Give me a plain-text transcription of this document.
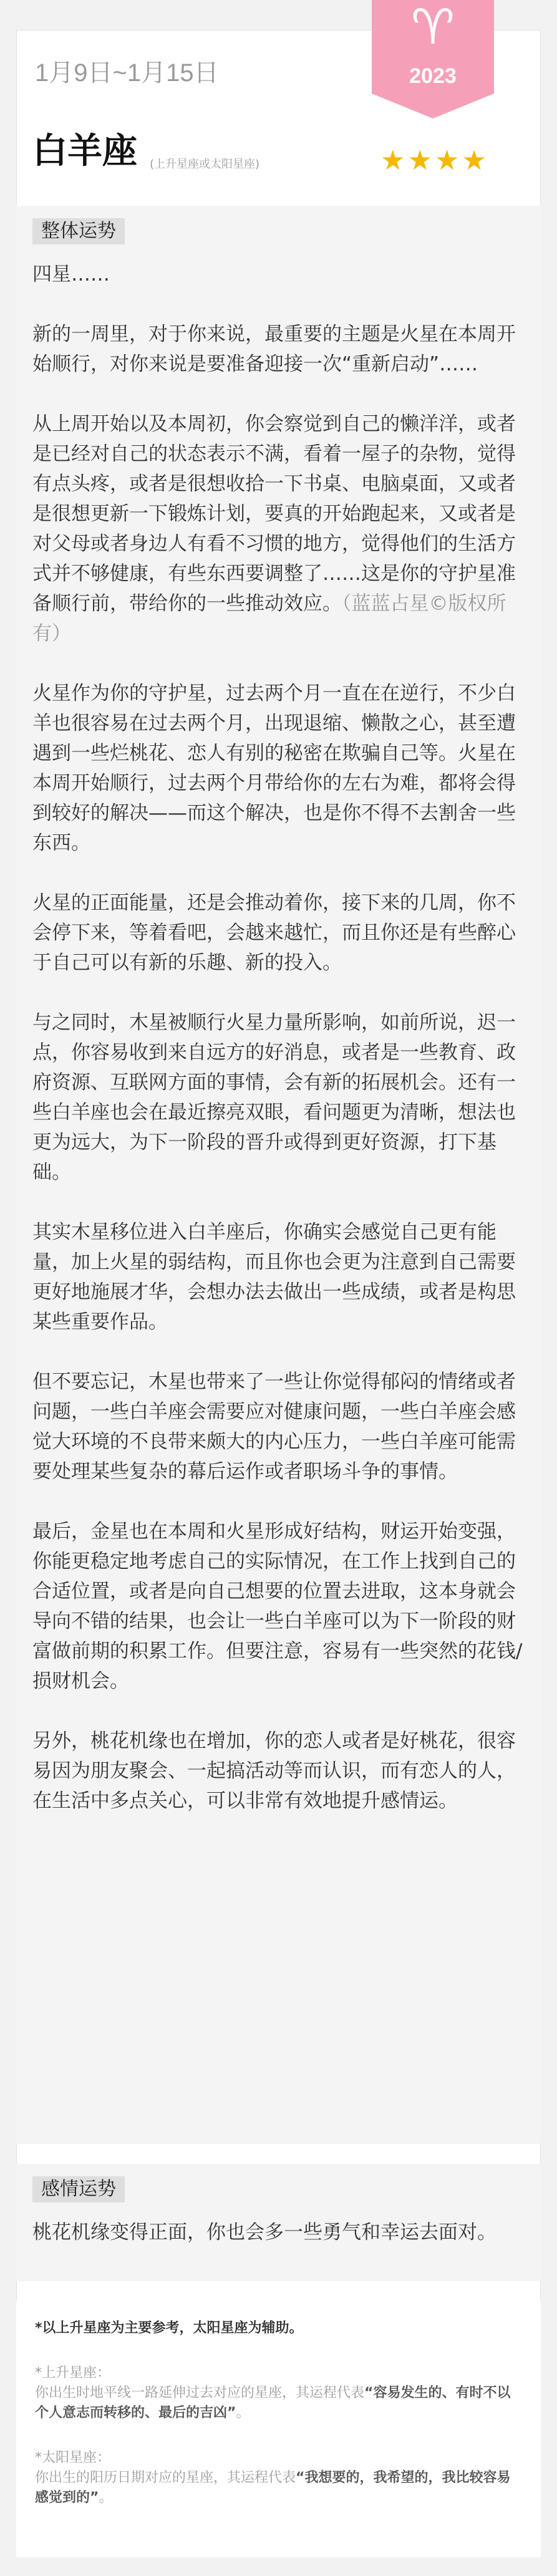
♈
2023
1月9日~1月15日
白羊座 (上升星座或太阳星座)	★★★★
整体运势

四星……

新的一周里，对于你来说，最重要的主题是火星在本周开始顺行，对你来说是要准备迎接一次“重新启动”……

从上周开始以及本周初，你会察觉到自己的懒洋洋，或者是已经对自己的状态表示不满，看着一屋子的杂物，觉得有点头疼，或者是很想收拾一下书桌、电脑桌面，又或者是很想更新一下锻炼计划，要真的开始跑起来，又或者是对父母或者身边人有看不习惯的地方，觉得他们的生活方式并不够健康，有些东西要调整了……这是你的守护星准备顺行前，带给你的一些推动效应。（蓝蓝占星©版权所有）

火星作为你的守护星，过去两个月一直在在逆行，不少白羊也很容易在过去两个月，出现退缩、懒散之心，甚至遭遇到一些烂桃花、恋人有别的秘密在欺骗自己等。火星在本周开始顺行，过去两个月带给你的左右为难，都将会得到较好的解决——而这个解决，也是你不得不去割舍一些东西。

火星的正面能量，还是会推动着你，接下来的几周，你不会停下来，等着看吧，会越来越忙，而且你还是有些醉心于自己可以有新的乐趣、新的投入。

与之同时，木星被顺行火星力量所影响，如前所说，迟一点，你容易收到来自远方的好消息，或者是一些教育、政府资源、互联网方面的事情，会有新的拓展机会。还有一些白羊座也会在最近擦亮双眼，看问题更为清晰，想法也更为远大，为下一阶段的晋升或得到更好资源，打下基础。

其实木星移位进入白羊座后，你确实会感觉自己更有能量，加上火星的弱结构，而且你也会更为注意到自己需要更好地施展才华，会想办法去做出一些成绩，或者是构思某些重要作品。

但不要忘记，木星也带来了一些让你觉得郁闷的情绪或者问题，一些白羊座会需要应对健康问题，一些白羊座会感觉大环境的不良带来颇大的内心压力，一些白羊座可能需要处理某些复杂的幕后运作或者职场斗争的事情。

最后，金星也在本周和火星形成好结构，财运开始变强，你能更稳定地考虑自己的实际情况，在工作上找到自己的合适位置，或者是向自己想要的位置去进取，这本身就会导向不错的结果，也会让一些白羊座可以为下一阶段的财富做前期的积累工作。但要注意，容易有一些突然的花钱/损财机会。

另外，桃花机缘也在增加，你的恋人或者是好桃花，很容易因为朋友聚会、一起搞活动等而认识，而有恋人的人，在生活中多点关心，可以非常有效地提升感情运。

感情运势

桃花机缘变得正面，你也会多一些勇气和幸运去面对。

*以上升星座为主要参考，太阳星座为辅助。
*上升星座：
你出生时地平线一路延伸过去对应的星座，其运程代表“容易发生的、有时不以个人意志而转移的、最后的吉凶”。
*太阳星座：
你出生的阳历日期对应的星座，其运程代表“我想要的，我希望的，我比较容易感觉到的”。
